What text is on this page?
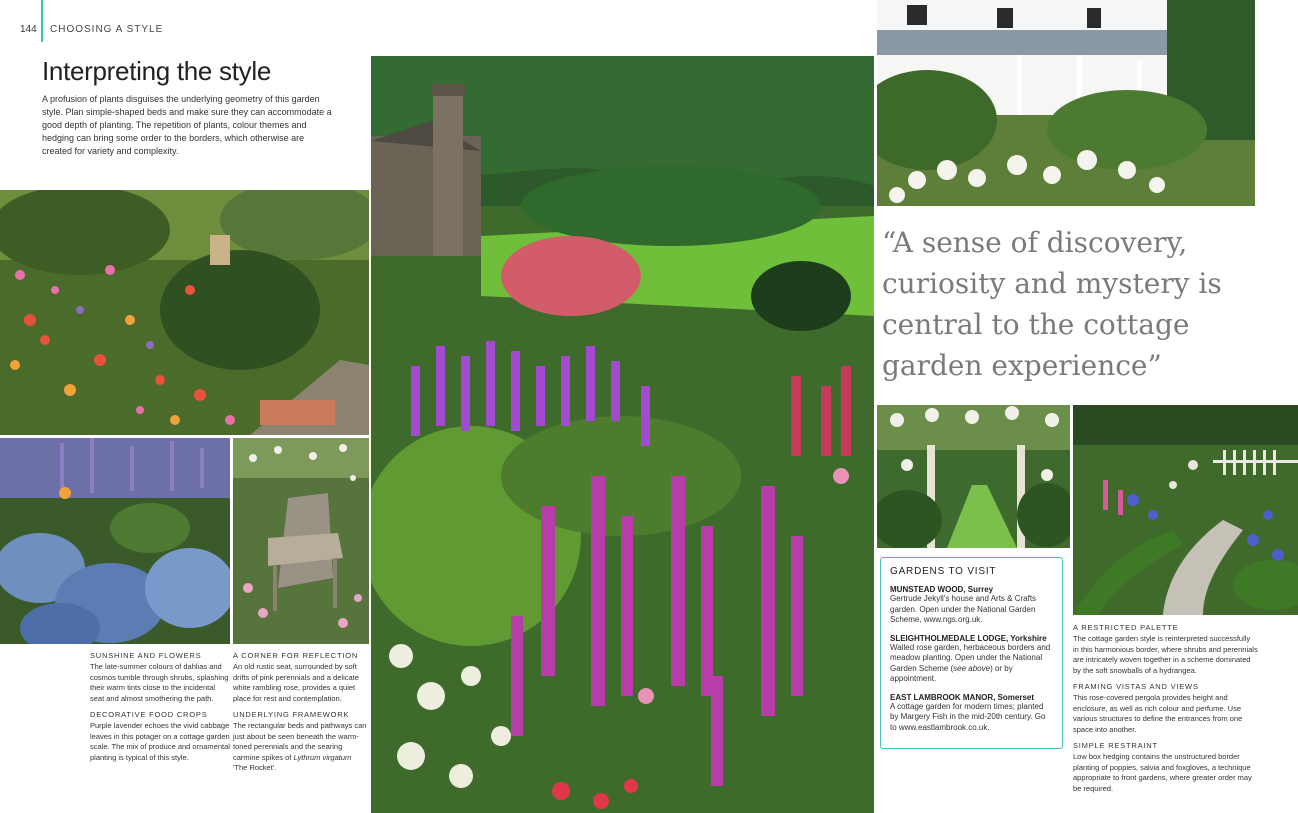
144 CHOOSING A STYLE
Interpreting the style

A profusion of plants disguises the underlying geometry of this garden style. Plan simple-shaped beds and make sure they can accommodate a good depth of planting. The repetition of plants, colour themes and hedging can bring some order to the borders, which otherwise are created for variety and complexity.

SUNSHINE AND FLOWERS

The late-summer colours of dahlias and cosmos tumble through shrubs, splashing their warm tints close to the incidental seat and almost smothering the path.

DECORATIVE FOOD CROPS

Purple lavender echoes the vivid cabbage leaves in this potager on a cottage garden scale. The mix of produce and ornamental planting is typical of this style.

A CORNER FOR REFLECTION

An old rustic seat, surrounded by soft drifts of pink perennials and a delicate white rambling rose, provides a quiet place for rest and contemplation.

UNDERLYING FRAMEWORK

The rectangular beds and pathways can just about be seen beneath the warm-toned perennials and the searing carmine spikes of Lythrum virgatum 'The Rocket'.

“A sense of discovery, curiosity and mystery is central to the cottage garden experience”

GARDENS TO VISIT

MUNSTEAD WOOD, Surrey

Gertrude Jekyll's house and Arts & Crafts garden. Open under the National Garden Scheme, www.ngs.org.uk.

SLEIGHTHOLMEDALE LODGE, Yorkshire

Walled rose garden, herbaceous borders and meadow planting. Open under the National Garden Scheme (see above) or by appointment.

EAST LAMBROOK MANOR, Somerset

A cottage garden for modern times; planted by Margery Fish in the mid-20th century. Go to www.eastlambrook.co.uk.

A RESTRICTED PALETTE

The cottage garden style is reinterpreted successfully in this harmonious border, where shrubs and perennials are intricately woven together in a scheme dominated by the soft snowballs of a hydrangea.

FRAMING VISTAS AND VIEWS

This rose-covered pergola provides height and enclosure, as well as rich colour and perfume. Use various structures to define the entrances from one space into another.

SIMPLE RESTRAINT

Low box hedging contains the unstructured border planting of poppies, salvia and foxgloves, a technique appropriate to front gardens, where greater order may be required.
